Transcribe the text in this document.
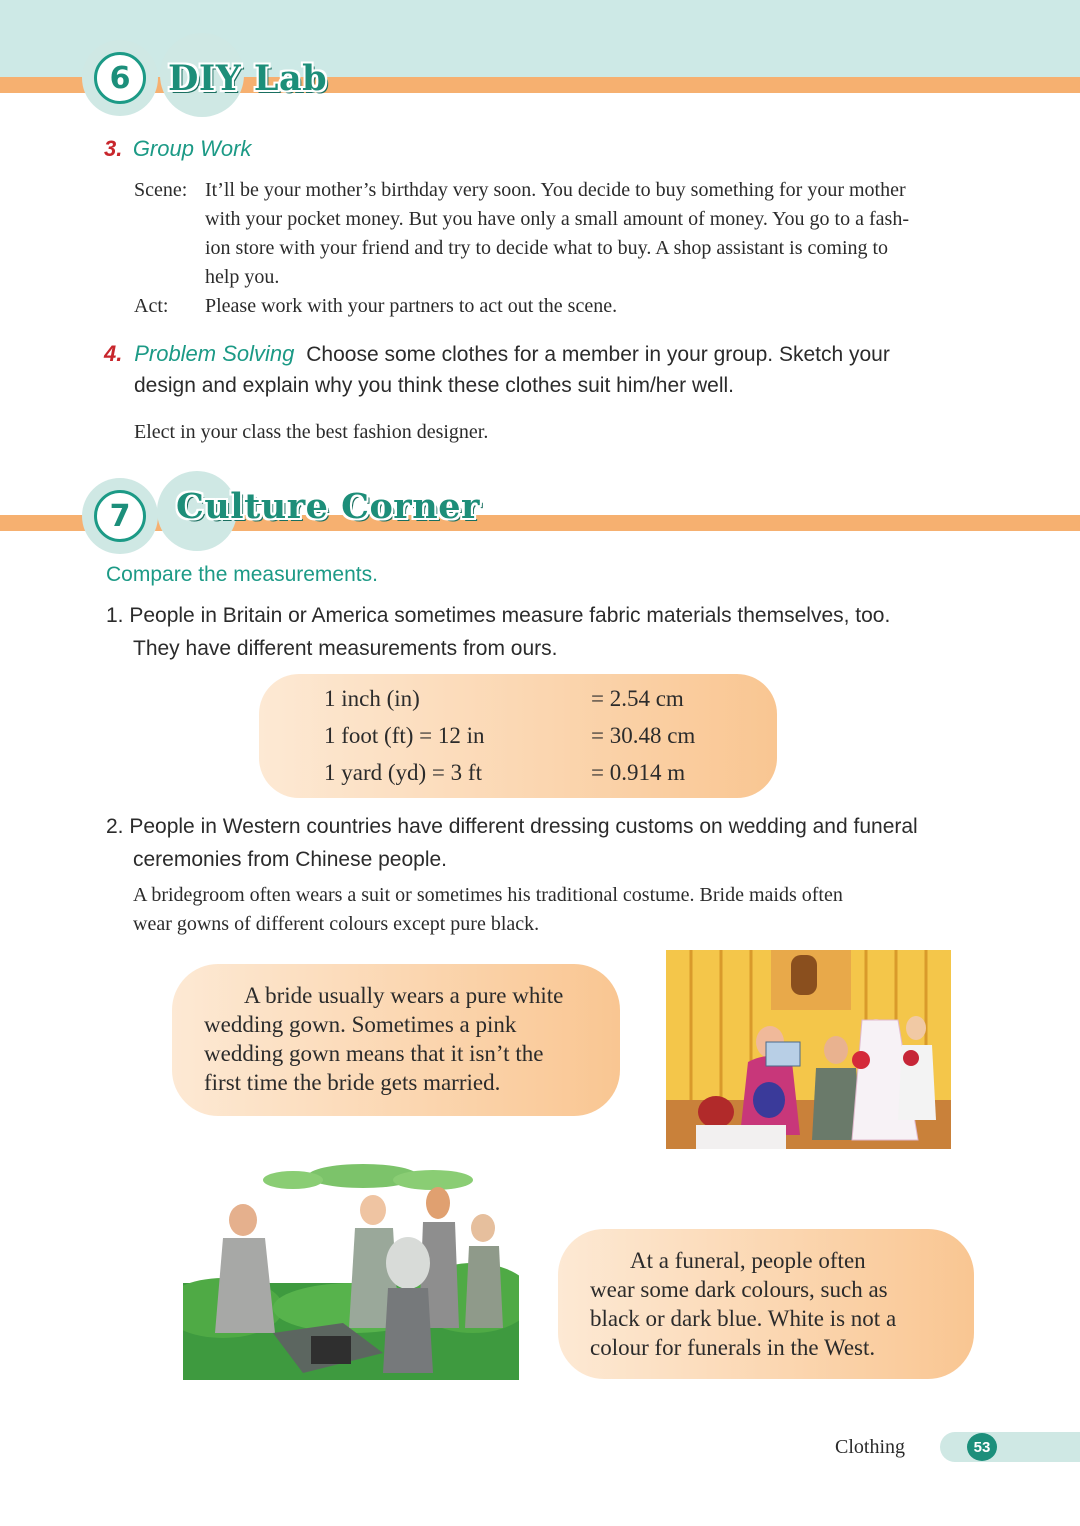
6	DIY Lab
3. Group Work
Scene: It’ll be your mother’s birthday very soon. You decide to buy something for your mother
with your pocket money. But you have only a small amount of money. You go to a fash-
ion store with your friend and try to decide what to buy. A shop assistant is coming to
help you.
Act: Please work with your partners to act out the scene.
4. Problem Solving Choose some clothes for a member in your group. Sketch your
design and explain why you think these clothes suit him/her well.
Elect in your class the best fashion designer.
7	Culture Corner
Compare the measurements.
1. People in Britain or America sometimes measure fabric materials themselves, too.
They have different measurements from ours.
1 inch (in)	= 2.54 cm
1 foot (ft) = 12 in	= 30.48 cm
1 yard (yd) = 3 ft	= 0.914 m
2. People in Western countries have different dressing customs on wedding and funeral
ceremonies from Chinese people.
A bridegroom often wears a suit or sometimes his traditional costume. Bride maids often
wear gowns of different colours except pure black.
A bride usually wears a pure white
wedding gown. Sometimes a pink
wedding gown means that it isn’t the
first time the bride gets married.
At a funeral, people often
wear some dark colours, such as
black or dark blue. White is not a
colour for funerals in the West.
Clothing	53
